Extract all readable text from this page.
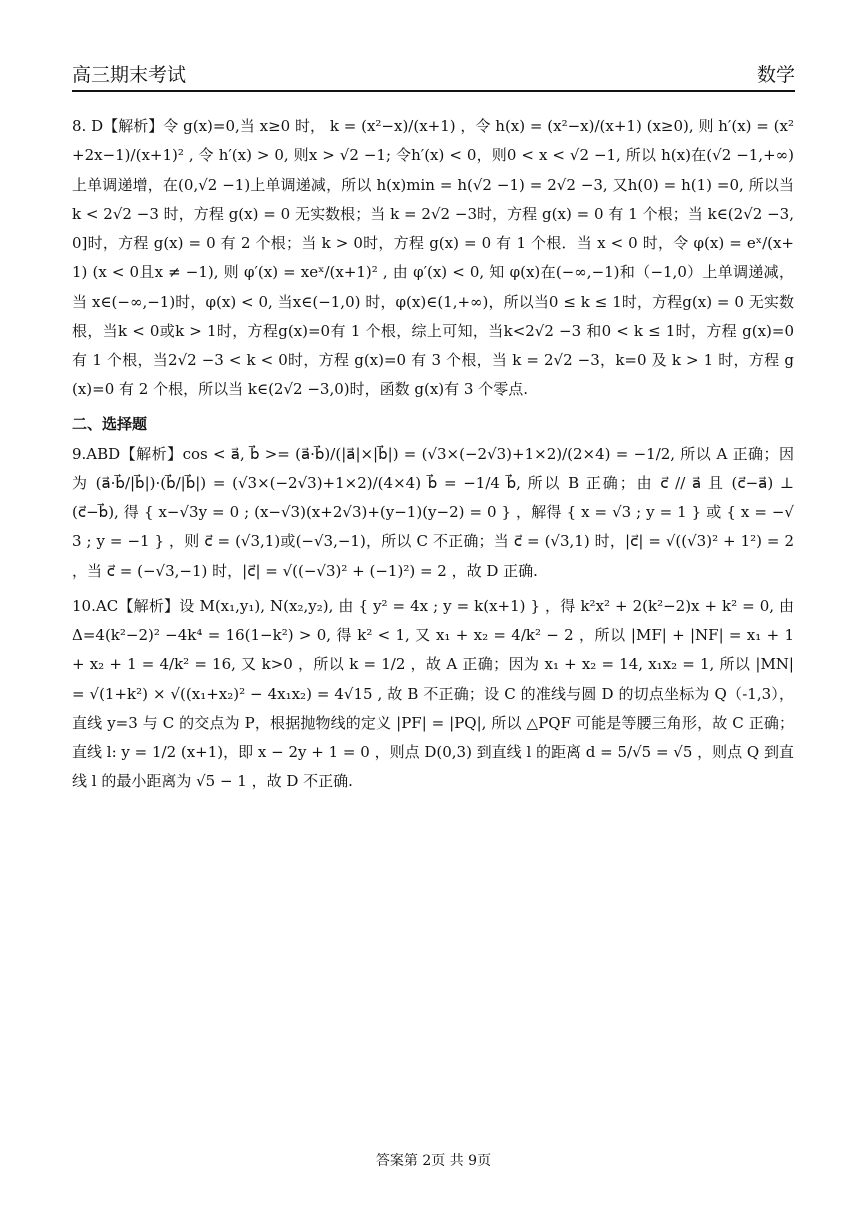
高三期末考试	数学

8. D【解析】令 g(x)=0,当 x≥0 时， k = (x²−x)/(x+1) ，令 h(x) = (x²−x)/(x+1) (x≥0), 则 h′(x) = (x²+2x−1)/(x+1)² , 令 h′(x) > 0, 则x > √2 −1; 令h′(x) < 0，则0 < x < √2 −1, 所以 h(x)在(√2 −1,+∞)上单调递增，在(0,√2 −1)上单调递减，所以 h(x)min = h(√2 −1) = 2√2 −3, 又h(0) = h(1) =0, 所以当 k < 2√2 −3 时，方程 g(x) = 0 无实数根；当 k = 2√2 −3时，方程 g(x) = 0 有 1 个根；当 k∈(2√2 −3,0]时，方程 g(x) = 0 有 2 个根；当 k > 0时，方程 g(x) = 0 有 1 个根．当 x < 0 时，令 φ(x) = eˣ/(x+1) (x < 0且x ≠ −1), 则 φ′(x) = xeˣ/(x+1)² , 由 φ′(x) < 0, 知 φ(x)在(−∞,−1)和（−1,0）上单调递减，当 x∈(−∞,−1)时，φ(x) < 0, 当x∈(−1,0) 时，φ(x)∈(1,+∞)，所以当0 ≤ k ≤ 1时，方程g(x) = 0 无实数根，当k < 0或k > 1时，方程g(x)=0有 1 个根，综上可知，当k<2√2 −3 和0 < k ≤ 1时，方程 g(x)=0 有 1 个根，当2√2 −3 < k < 0时，方程 g(x)=0 有 3 个根，当 k = 2√2 −3，k=0 及 k > 1 时，方程 g(x)=0 有 2 个根，所以当 k∈(2√2 −3,0)时，函数 g(x)有 3 个零点.

二、选择题

9.ABD【解析】cos < a⃗, b⃗ >= (a⃗·b⃗)/(|a⃗|×|b⃗|) = (√3×(−2√3)+1×2)/(2×4) = −1/2, 所以 A 正确；因为 (a⃗·b⃗/|b⃗|)·(b⃗/|b⃗|) = (√3×(−2√3)+1×2)/(4×4) b⃗ = −1/4 b⃗, 所以 B 正确；由 c⃗ // a⃗ 且 (c⃗−a⃗) ⊥ (c⃗−b⃗), 得 { x−√3y = 0 ; (x−√3)(x+2√3)+(y−1)(y−2) = 0 } ，解得 { x = √3 ; y = 1 } 或 { x = −√3 ; y = −1 } ，则 c⃗ = (√3,1)或(−√3,−1)，所以 C 不正确；当 c⃗ = (√3,1) 时，|c⃗| = √((√3)² + 1²) = 2 ，当 c⃗ = (−√3,−1) 时，|c⃗| = √((−√3)² + (−1)²) = 2 ，故 D 正确.

10.AC【解析】设 M(x₁,y₁), N(x₂,y₂), 由 { y² = 4x ; y = k(x+1) } ，得 k²x² + 2(k²−2)x + k² = 0, 由Δ=4(k²−2)² −4k⁴ = 16(1−k²) > 0, 得 k² < 1, 又 x₁ + x₂ = 4/k² − 2 ，所以 |MF| + |NF| = x₁ + 1 + x₂ + 1 = 4/k² = 16, 又 k>0 ，所以 k = 1/2 ，故 A 正确；因为 x₁ + x₂ = 14, x₁x₂ = 1, 所以 |MN| = √(1+k²) × √((x₁+x₂)² − 4x₁x₂) = 4√15 , 故 B 不正确；设 C 的准线与圆 D 的切点坐标为 Q（-1,3），直线 y=3 与 C 的交点为 P，根据抛物线的定义 |PF| = |PQ|, 所以 △PQF 可能是等腰三角形，故 C 正确；直线 l: y = 1/2 (x+1)，即 x − 2y + 1 = 0 ，则点 D(0,3) 到直线 l 的距离 d = 5/√5 = √5 ，则点 Q 到直线 l 的最小距离为 √5 − 1 ，故 D 不正确.

答案第 2页 共 9页
